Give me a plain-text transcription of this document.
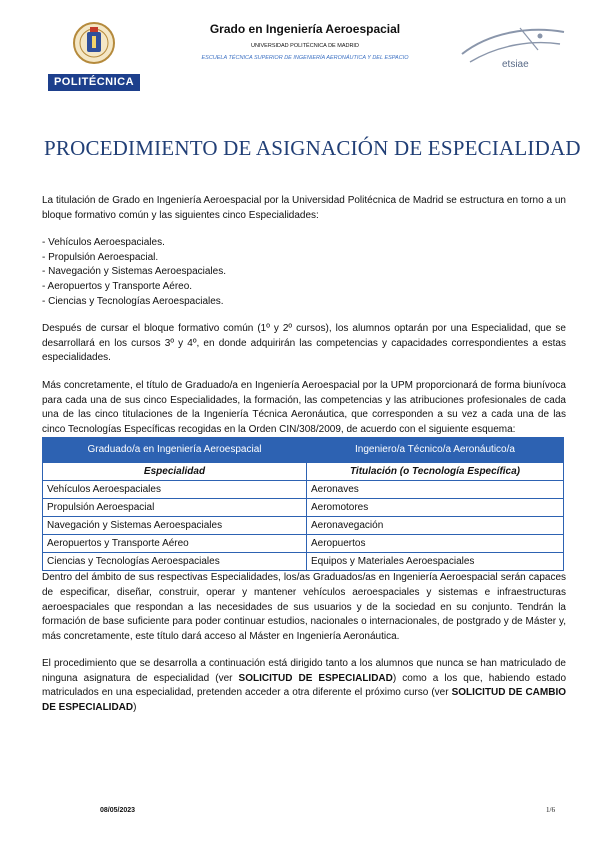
POLITÉCNICA
Grado en Ingeniería Aeroespacial
UNIVERSIDAD POLITÉCNICA DE MADRID
ESCUELA TÉCNICA SUPERIOR DE INGENIERÍA AERONÁUTICA Y DEL ESPACIO
etsiae
PROCEDIMIENTO DE ASIGNACIÓN DE ESPECIALIDAD

La titulación de Grado en Ingeniería Aeroespacial por la Universidad Politécnica de Madrid se estructura en torno a un bloque formativo común y las siguientes cinco Especialidades:

- Vehículos Aeroespaciales.
- Propulsión Aeroespacial.
- Navegación y Sistemas Aeroespaciales.
- Aeropuertos y Transporte Aéreo.
- Ciencias y Tecnologías Aeroespaciales.

Después de cursar el bloque formativo común (1º y 2º cursos), los alumnos optarán por una Especialidad, que se desarrollará en los cursos 3º y 4º, en donde adquirirán las competencias y capacidades correspondientes a estas especialidades.

Más concretamente, el título de Graduado/a en Ingeniería Aeroespacial por la UPM proporcionará de forma biunívoca para cada una de sus cinco Especialidades, la formación, las competencias y las atribuciones profesionales de cada una de las cinco titulaciones de la Ingeniería Técnica Aeronáutica, que corresponden a su vez a cada una de las cinco Tecnologías Específicas recogidas en la Orden CIN/308/2009, de acuerdo con el siguiente esquema:

Graduado/a en Ingeniería Aeroespacial	Ingeniero/a Técnico/a Aeronáutico/a
Especialidad	Titulación (o Tecnología Específica)
Vehículos Aeroespaciales	Aeronaves
Propulsión Aeroespacial	Aeromotores
Navegación y Sistemas Aeroespaciales	Aeronavegación
Aeropuertos y Transporte Aéreo	Aeropuertos
Ciencias y Tecnologías Aeroespaciales	Equipos y Materiales Aeroespaciales

Dentro del ámbito de sus respectivas Especialidades, los/as Graduados/as en Ingeniería Aeroespacial serán capaces de especificar, diseñar, construir, operar y mantener vehículos aeroespaciales y sistemas e infraestructuras aeroespaciales que respondan a las necesidades de sus usuarios y de la sociedad en su conjunto. Tendrán la formación de base suficiente para poder continuar estudios, nacionales o internacionales, de postgrado y de Máster y, más concretamente, este título dará acceso al Máster en Ingeniería Aeronáutica.

El procedimiento que se desarrolla a continuación está dirigido tanto a los alumnos que nunca se han matriculado de ninguna asignatura de especialidad (ver SOLICITUD DE ESPECIALIDAD) como a los que, habiendo estado matriculados en una especialidad, pretenden acceder a otra diferente el próximo curso (ver SOLICITUD DE CAMBIO DE ESPECIALIDAD)

08/05/2023	1/6
